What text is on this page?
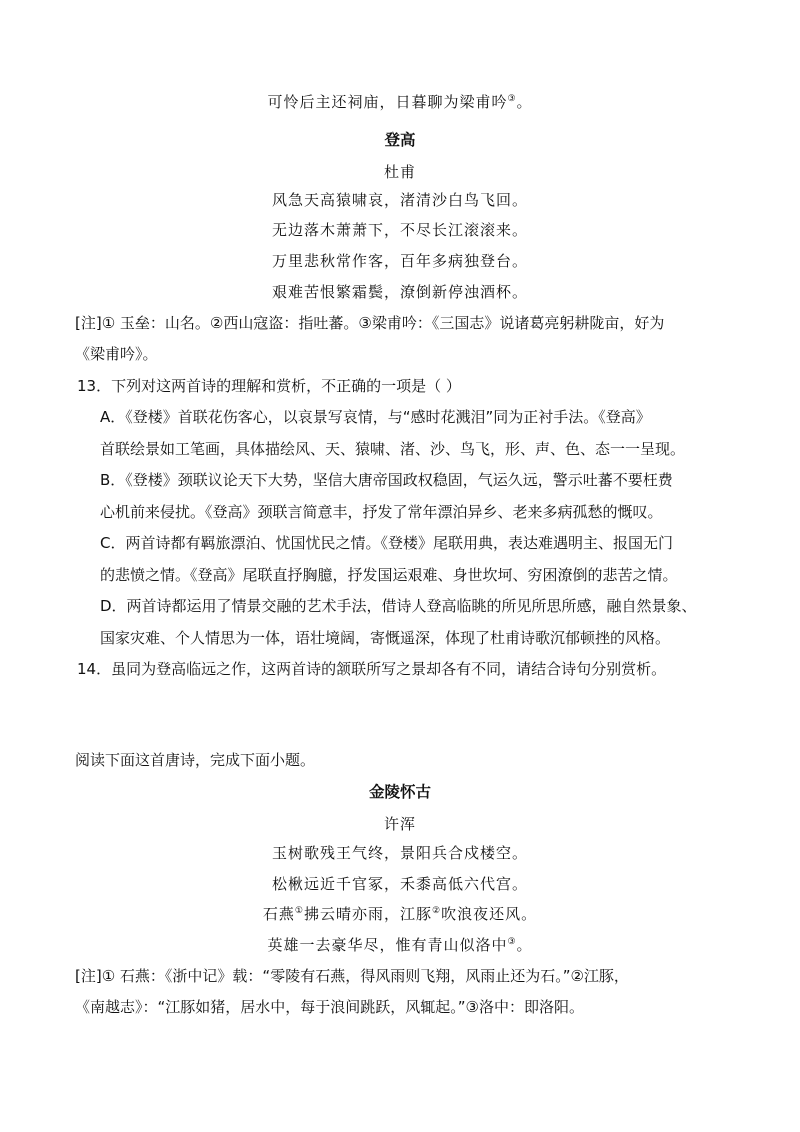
可怜后主还祠庙，日暮聊为梁甫吟③。
登高
杜甫
风急天高猿啸哀，渚清沙白鸟飞回。
无边落木萧萧下，不尽长江滚滚来。
万里悲秋常作客，百年多病独登台。
艰难苦恨繁霜鬓，潦倒新停浊酒杯。
[注]① 玉垒：山名。②西山寇盗：指吐蕃。③梁甫吟：《三国志》说诸葛亮躬耕陇亩，好为
《梁甫吟》。
13．下列对这两首诗的理解和赏析，不正确的一项是（ ）
A．《登楼》首联花伤客心，以哀景写哀情，与“感时花溅泪”同为正衬手法。《登高》
首联绘景如工笔画，具体描绘风、天、猿啸、渚、沙、鸟飞，形、声、色、态一一呈现。
B．《登楼》颈联议论天下大势，坚信大唐帝国政权稳固，气运久远，警示吐蕃不要枉费
心机前来侵扰。《登高》颈联言简意丰，抒发了常年漂泊异乡、老来多病孤愁的慨叹。
C．两首诗都有羁旅漂泊、忧国忧民之情。《登楼》尾联用典，表达难遇明主、报国无门
的悲愤之情。《登高》尾联直抒胸臆，抒发国运艰难、身世坎坷、穷困潦倒的悲苦之情。
D．两首诗都运用了情景交融的艺术手法，借诗人登高临眺的所见所思所感，融自然景象、
国家灾难、个人情思为一体，语壮境阔，寄慨遥深，体现了杜甫诗歌沉郁顿挫的风格。
14．虽同为登高临远之作，这两首诗的颔联所写之景却各有不同，请结合诗句分别赏析。
阅读下面这首唐诗，完成下面小题。
金陵怀古
许浑
玉树歌残王气终，景阳兵合戍楼空。
松楸远近千官冢，禾黍高低六代宫。
石燕①拂云晴亦雨，江豚②吹浪夜还风。
英雄一去豪华尽，惟有青山似洛中③。
[注]① 石燕：《浙中记》载：“零陵有石燕，得风雨则飞翔，风雨止还为石。”②江豚，
《南越志》：“江豚如猪，居水中，每于浪间跳跃，风辄起。”③洛中：即洛阳。
